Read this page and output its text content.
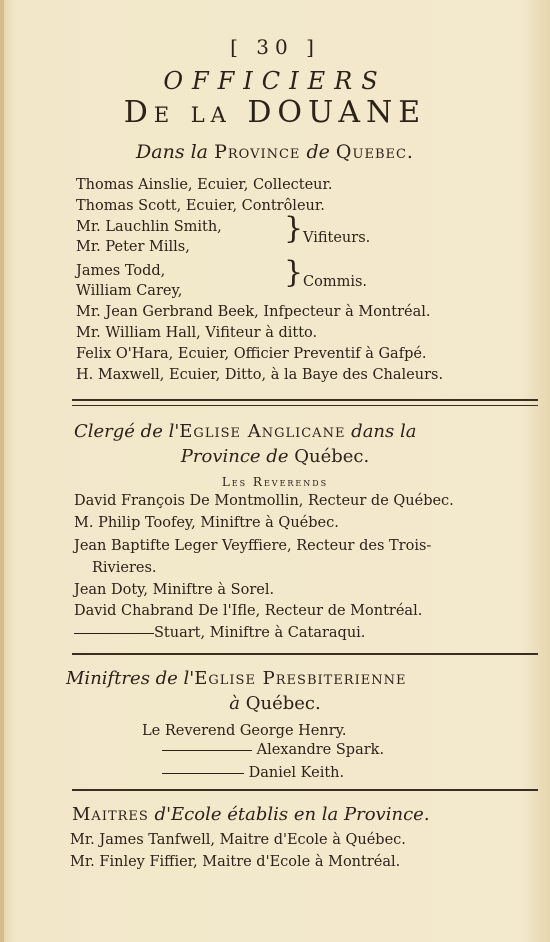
[ 30 ]
OFFICIERS
De la DOUANE
Dans la Province de Quebec.
Thomas Ainslie, Ecuier, Collecteur.
Thomas Scott, Ecuier, Contrôleur.
Mr. Lauchlin Smith,
Mr. Peter Mills,
} Vifiteurs.
James Todd,
William Carey,
} Commis.
Mr. Jean Gerbrand Beek, Infpecteur à Montréal.
Mr. William Hall, Vifiteur à ditto.
Felix O'Hara, Ecuier, Officier Preventif à Gafpé.
H. Maxwell, Ecuier, Ditto, à la Baye des Chaleurs.
Clergé de l'Eglise Anglicane dans la
Province de Québec.
Les Reverends
David François De Montmollin, Recteur de Québec.
M. Philip Toofey, Miniftre à Québec.
Jean Baptifte Leger Veyffiere, Recteur des Trois-
Rivieres.
Jean Doty, Miniftre à Sorel.
David Chabrand De l'Ifle, Recteur de Montréal.
Stuart, Miniftre à Cataraqui.
Miniftres de l'Eglise Presbiterienne
à Québec.
Le Reverend George Henry.
Alexandre Spark.
Daniel Keith.
Maitres d'Ecole établis en la Province.
Mr. James Tanfwell, Maitre d'Ecole à Québec.
Mr. Finley Fiffier, Maitre d'Ecole à Montréal.
